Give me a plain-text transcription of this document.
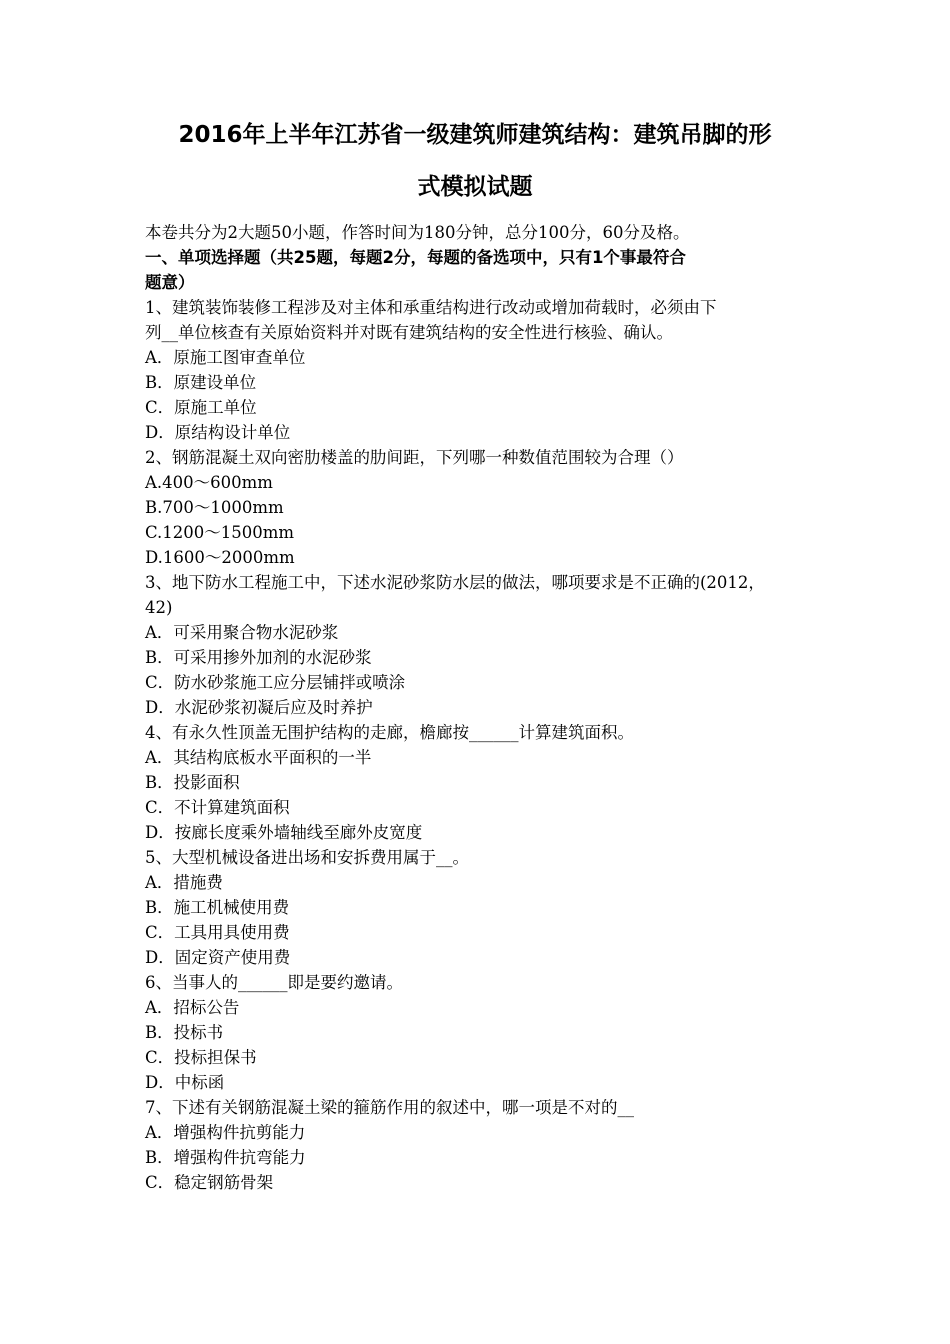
2016年上半年江苏省一级建筑师建筑结构：建筑吊脚的形
式模拟试题
本卷共分为2大题50小题，作答时间为180分钟，总分100分，60分及格。
一、单项选择题（共25题，每题2分，每题的备选项中，只有1个事最符合
题意）
1、建筑装饰装修工程涉及对主体和承重结构进行改动或增加荷载时，必须由下
列__单位核查有关原始资料并对既有建筑结构的安全性进行核验、确认。
A．原施工图审查单位
B．原建设单位
C．原施工单位
D．原结构设计单位
2、钢筋混凝土双向密肋楼盖的肋间距，下列哪一种数值范围较为合理（）
A.400～600mm
B.700～1000mm
C.1200～1500mm
D.1600～2000mm
3、地下防水工程施工中，下述水泥砂浆防水层的做法，哪项要求是不正确的(2012，
42)
A．可采用聚合物水泥砂浆
B．可采用掺外加剂的水泥砂浆
C．防水砂浆施工应分层铺拌或喷涂
D．水泥砂浆初凝后应及时养护
4、有永久性顶盖无围护结构的走廊，檐廊按______计算建筑面积。
A．其结构底板水平面积的一半
B．投影面积
C．不计算建筑面积
D．按廊长度乘外墙轴线至廊外皮宽度
5、大型机械设备进出场和安拆费用属于__。
A．措施费
B．施工机械使用费
C．工具用具使用费
D．固定资产使用费
6、当事人的______即是要约邀请。
A．招标公告
B．投标书
C．投标担保书
D．中标函
7、下述有关钢筋混凝土梁的箍筋作用的叙述中，哪一项是不对的__
A．增强构件抗剪能力
B．增强构件抗弯能力
C．稳定钢筋骨架
